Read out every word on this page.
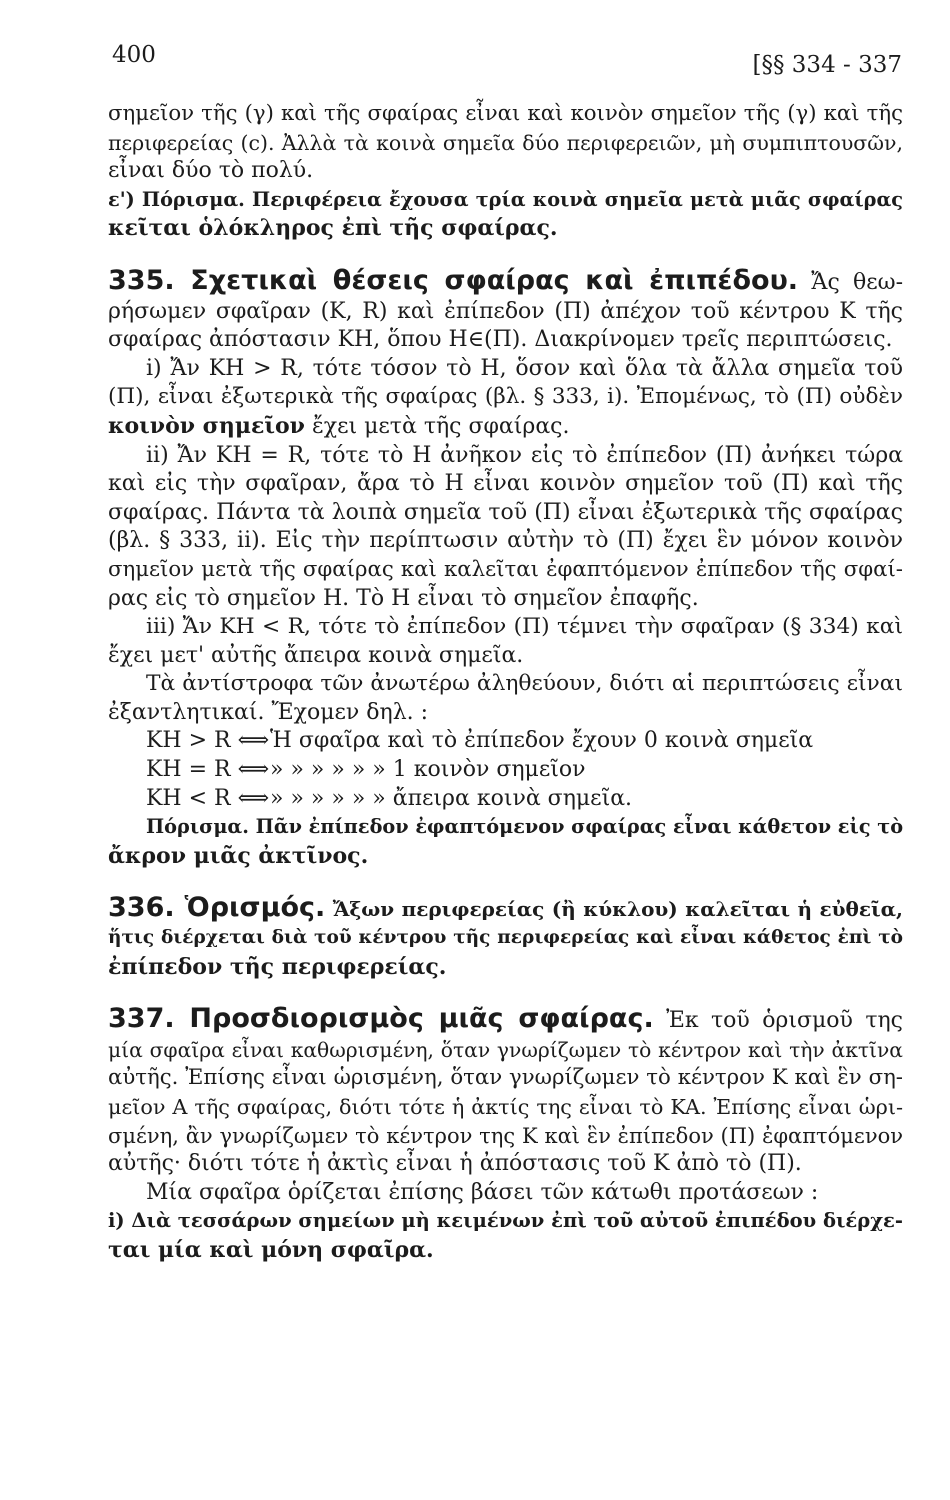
400	[§§ 334 - 337
σημεῖον τῆς (γ) καὶ τῆς σφαίρας εἶναι καὶ κοινὸν σημεῖον τῆς (γ) καὶ τῆς
περιφερείας (c). Ἀλλὰ τὰ κοινὰ σημεῖα δύο περιφερειῶν, μὴ συμπιπτουσῶν,
εἶναι δύο τὸ πολύ.
ε') Πόρισμα. Περιφέρεια ἔχουσα τρία κοινὰ σημεῖα μετὰ μιᾶς σφαίρας
κεῖται ὁλόκληρος ἐπὶ τῆς σφαίρας.
335. Σχετικαὶ θέσεις σφαίρας καὶ ἐπιπέδου. Ἄς θεω-
ρήσωμεν σφαῖραν (K, R) καὶ ἐπίπεδον (Π) ἀπέχον τοῦ κέντρου K τῆς
σφαίρας ἀπόστασιν KH, ὅπου H∈(Π). Διακρίνομεν τρεῖς περιπτώσεις.
i) Ἄν KH > R, τότε τόσον τὸ H, ὅσον καὶ ὅλα τὰ ἄλλα σημεῖα τοῦ
(Π), εἶναι ἐξωτερικὰ τῆς σφαίρας (βλ. § 333, i). Ἐπομένως, τὸ (Π) οὐδὲν
κοινὸν σημεῖον ἔχει μετὰ τῆς σφαίρας.
ii) Ἄν KH = R, τότε τὸ H ἀνῆκον εἰς τὸ ἐπίπεδον (Π) ἀνήκει τώρα
καὶ εἰς τὴν σφαῖραν, ἄρα τὸ H εἶναι κοινὸν σημεῖον τοῦ (Π) καὶ τῆς
σφαίρας. Πάντα τὰ λοιπὰ σημεῖα τοῦ (Π) εἶναι ἐξωτερικὰ τῆς σφαίρας
(βλ. § 333, ii). Εἰς τὴν περίπτωσιν αὐτὴν τὸ (Π) ἔχει ἓν μόνον κοινὸν
σημεῖον μετὰ τῆς σφαίρας καὶ καλεῖται ἐφαπτόμενον ἐπίπεδον τῆς σφαί-
ρας εἰς τὸ σημεῖον H. Τὸ H εἶναι τὸ σημεῖον ἐπαφῆς.
iii) Ἄν KH < R, τότε τὸ ἐπίπεδον (Π) τέμνει τὴν σφαῖραν (§ 334) καὶ
ἔχει μετ' αὐτῆς ἄπειρα κοινὰ σημεῖα.
Τὰ ἀντίστροφα τῶν ἀνωτέρω ἀληθεύουν, διότι αἱ περιπτώσεις εἶναι
ἐξαντλητικαί. Ἔχομεν δηλ. :
KH > R ⟺ Ἡ σφαῖρα καὶ τὸ ἐπίπεδον ἔχουν 0 κοινὰ σημεῖα
KH = R ⟺ » » » » » » 1 κοινὸν σημεῖον
KH < R ⟺ » » » » » » ἄπειρα κοινὰ σημεῖα.
Πόρισμα. Πᾶν ἐπίπεδον ἐφαπτόμενον σφαίρας εἶναι κάθετον εἰς τὸ
ἄκρον μιᾶς ἀκτῖνος.
336. Ὁρισμός. Ἄξων περιφερείας (ἢ κύκλου) καλεῖται ἡ εὐθεῖα,
ἥτις διέρχεται διὰ τοῦ κέντρου τῆς περιφερείας καὶ εἶναι κάθετος ἐπὶ τὸ
ἐπίπεδον τῆς περιφερείας.
337. Προσδιορισμὸς μιᾶς σφαίρας. Ἐκ τοῦ ὁρισμοῦ της
μία σφαῖρα εἶναι καθωρισμένη, ὅταν γνωρίζωμεν τὸ κέντρον καὶ τὴν ἀκτῖνα
αὐτῆς. Ἐπίσης εἶναι ὡρισμένη, ὅταν γνωρίζωμεν τὸ κέντρον K καὶ ἓν ση-
μεῖον A τῆς σφαίρας, διότι τότε ἡ ἀκτίς της εἶναι τὸ KA. Ἐπίσης εἶναι ὡρι-
σμένη, ἂν γνωρίζωμεν τὸ κέντρον της K καὶ ἓν ἐπίπεδον (Π) ἐφαπτόμενον
αὐτῆς· διότι τότε ἡ ἀκτὶς εἶναι ἡ ἀπόστασις τοῦ K ἀπὸ τὸ (Π).
Μία σφαῖρα ὁρίζεται ἐπίσης βάσει τῶν κάτωθι προτάσεων :
i) Διὰ τεσσάρων σημείων μὴ κειμένων ἐπὶ τοῦ αὐτοῦ ἐπιπέδου διέρχε-
ται μία καὶ μόνη σφαῖρα.
